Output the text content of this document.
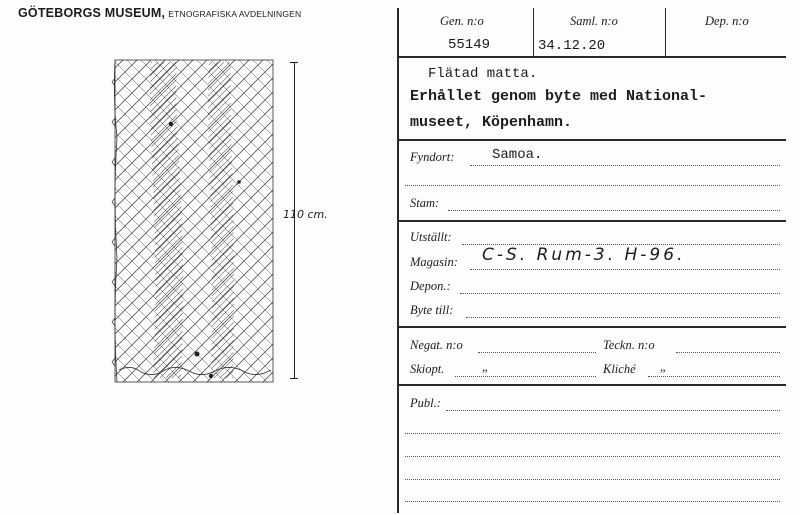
GÖTEBORGS MUSEUM, ETNOGRAFISKA AVDELNINGEN
110 cm.
Gen. n:o	Saml. n:o	Dep. n:o
55149	34.12.20
Flätad matta.
Erhållet genom byte med National-
museet, Köpenhamn.
Fyndort:	Samoa.
Stam:
Utställt:
Magasin: C-S. Rum-3. H-96.
Depon.:
Byte till:
Negat. n:o	Teckn. n:o
Skiopt.	„	Kliché „
Publ.:
